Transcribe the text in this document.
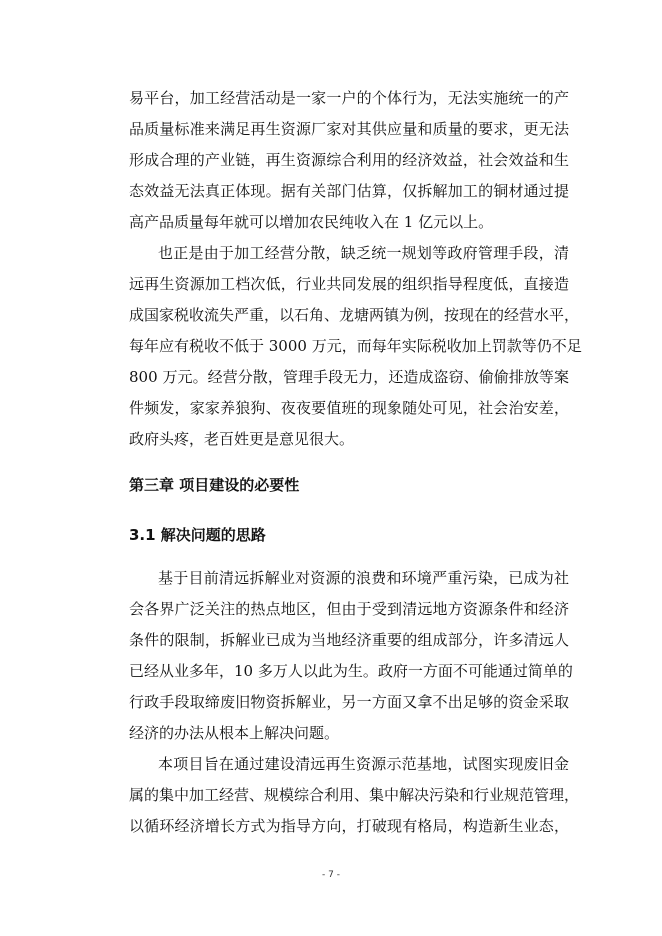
易平台，加工经营活动是一家一户的个体行为，无法实施统一的产
品质量标准来满足再生资源厂家对其供应量和质量的要求，更无法
形成合理的产业链，再生资源综合利用的经济效益，社会效益和生
态效益无法真正体现。据有关部门估算，仅拆解加工的铜材通过提
高产品质量每年就可以增加农民纯收入在 1 亿元以上。
也正是由于加工经营分散，缺乏统一规划等政府管理手段，清
远再生资源加工档次低，行业共同发展的组织指导程度低，直接造
成国家税收流失严重，以石角、龙塘两镇为例，按现在的经营水平，
每年应有税收不低于 3000 万元，而每年实际税收加上罚款等仍不足
800 万元。经营分散，管理手段无力，还造成盗窃、偷偷排放等案
件频发，家家养狼狗、夜夜要值班的现象随处可见，社会治安差，
政府头疼，老百姓更是意见很大。
第三章 项目建设的必要性
3.1 解决问题的思路
基于目前清远拆解业对资源的浪费和环境严重污染，已成为社
会各界广泛关注的热点地区，但由于受到清远地方资源条件和经济
条件的限制，拆解业已成为当地经济重要的组成部分，许多清远人
已经从业多年，10 多万人以此为生。政府一方面不可能通过简单的
行政手段取缔废旧物资拆解业，另一方面又拿不出足够的资金采取
经济的办法从根本上解决问题。
本项目旨在通过建设清远再生资源示范基地，试图实现废旧金
属的集中加工经营、规模综合利用、集中解决污染和行业规范管理，
以循环经济增长方式为指导方向，打破现有格局，构造新生业态，
- 7 -
